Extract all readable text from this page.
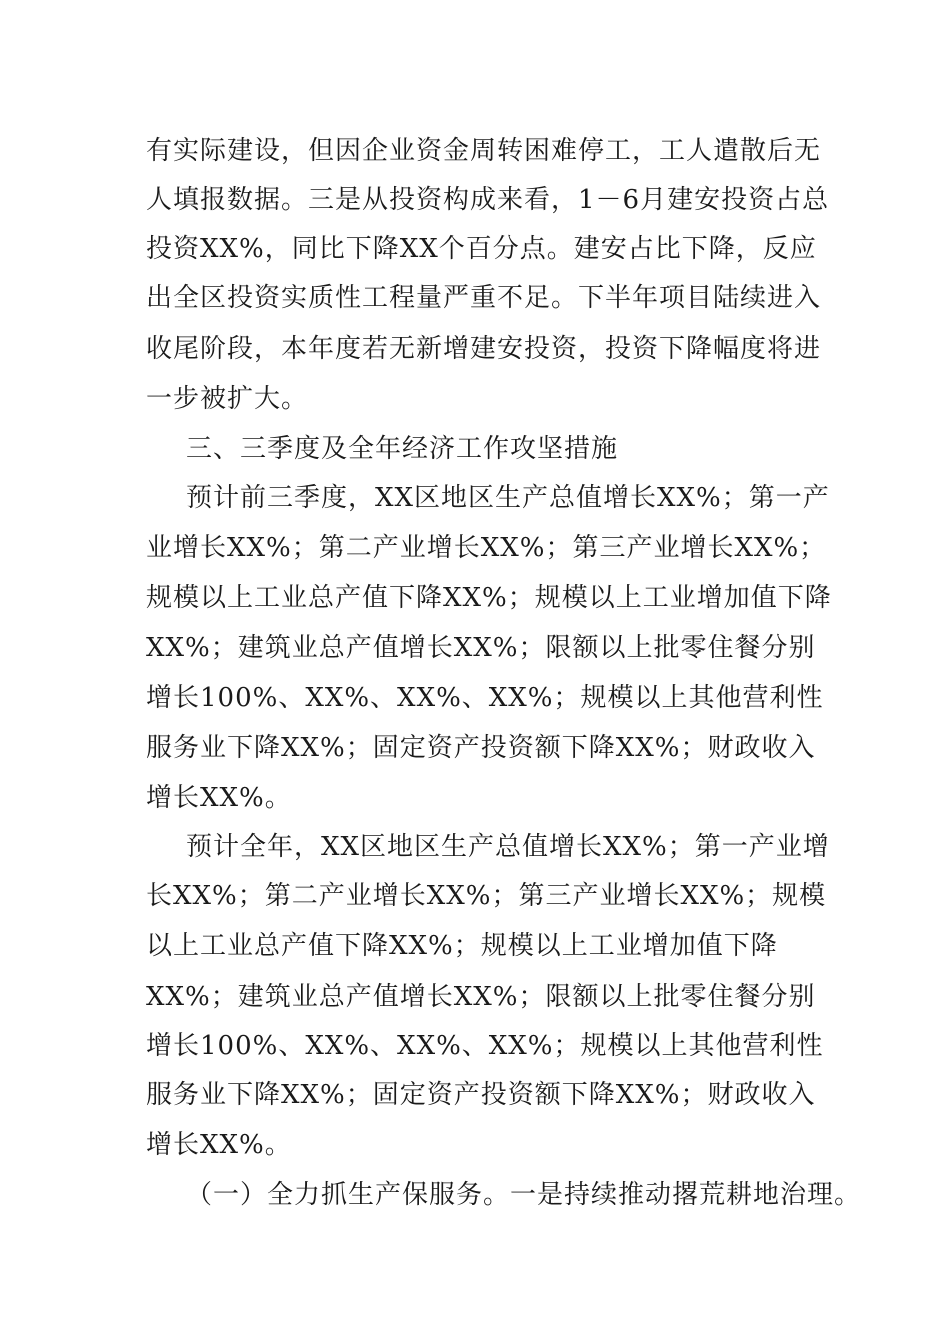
有实际建设，但因企业资金周转困难停工，工人遣散后无
人填报数据。三是从投资构成来看，1－6月建安投资占总
投资XX%，同比下降XX个百分点。建安占比下降，反应
出全区投资实质性工程量严重不足。下半年项目陆续进入
收尾阶段，本年度若无新增建安投资，投资下降幅度将进
一步被扩大。
三、三季度及全年经济工作攻坚措施
预计前三季度，XX区地区生产总值增长XX%；第一产
业增长XX%；第二产业增长XX%；第三产业增长XX%；
规模以上工业总产值下降XX%；规模以上工业增加值下降
XX%；建筑业总产值增长XX%；限额以上批零住餐分别
增长100%、XX%、XX%、XX%；规模以上其他营利性
服务业下降XX%；固定资产投资额下降XX%；财政收入
增长XX%。
预计全年，XX区地区生产总值增长XX%；第一产业增
长XX%；第二产业增长XX%；第三产业增长XX%；规模
以上工业总产值下降XX%；规模以上工业增加值下降
XX%；建筑业总产值增长XX%；限额以上批零住餐分别
增长100%、XX%、XX%、XX%；规模以上其他营利性
服务业下降XX%；固定资产投资额下降XX%；财政收入
增长XX%。
（一）全力抓生产保服务。一是持续推动撂荒耕地治理。
